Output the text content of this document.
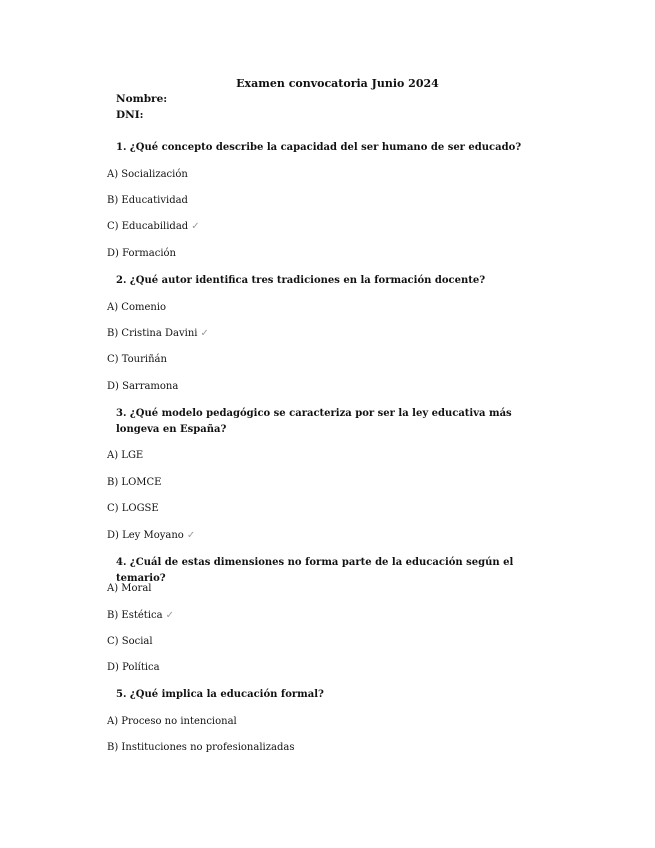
Examen convocatoria Junio 2024
Nombre:
DNI:
1. ¿Qué concepto describe la capacidad del ser humano de ser educado?
A) Socialización
B) Educatividad
C) Educabilidad ✓
D) Formación
2. ¿Qué autor identifica tres tradiciones en la formación docente?
A) Comenio
B) Cristina Davini ✓
C) Touriñán
D) Sarramona
3. ¿Qué modelo pedagógico se caracteriza por ser la ley educativa más longeva en España?
A) LGE
B) LOMCE
C) LOGSE
D) Ley Moyano ✓
4. ¿Cuál de estas dimensiones no forma parte de la educación según el temario?
A) Moral
B) Estética ✓
C) Social
D) Política
5. ¿Qué implica la educación formal?
A) Proceso no intencional
B) Instituciones no profesionalizadas
